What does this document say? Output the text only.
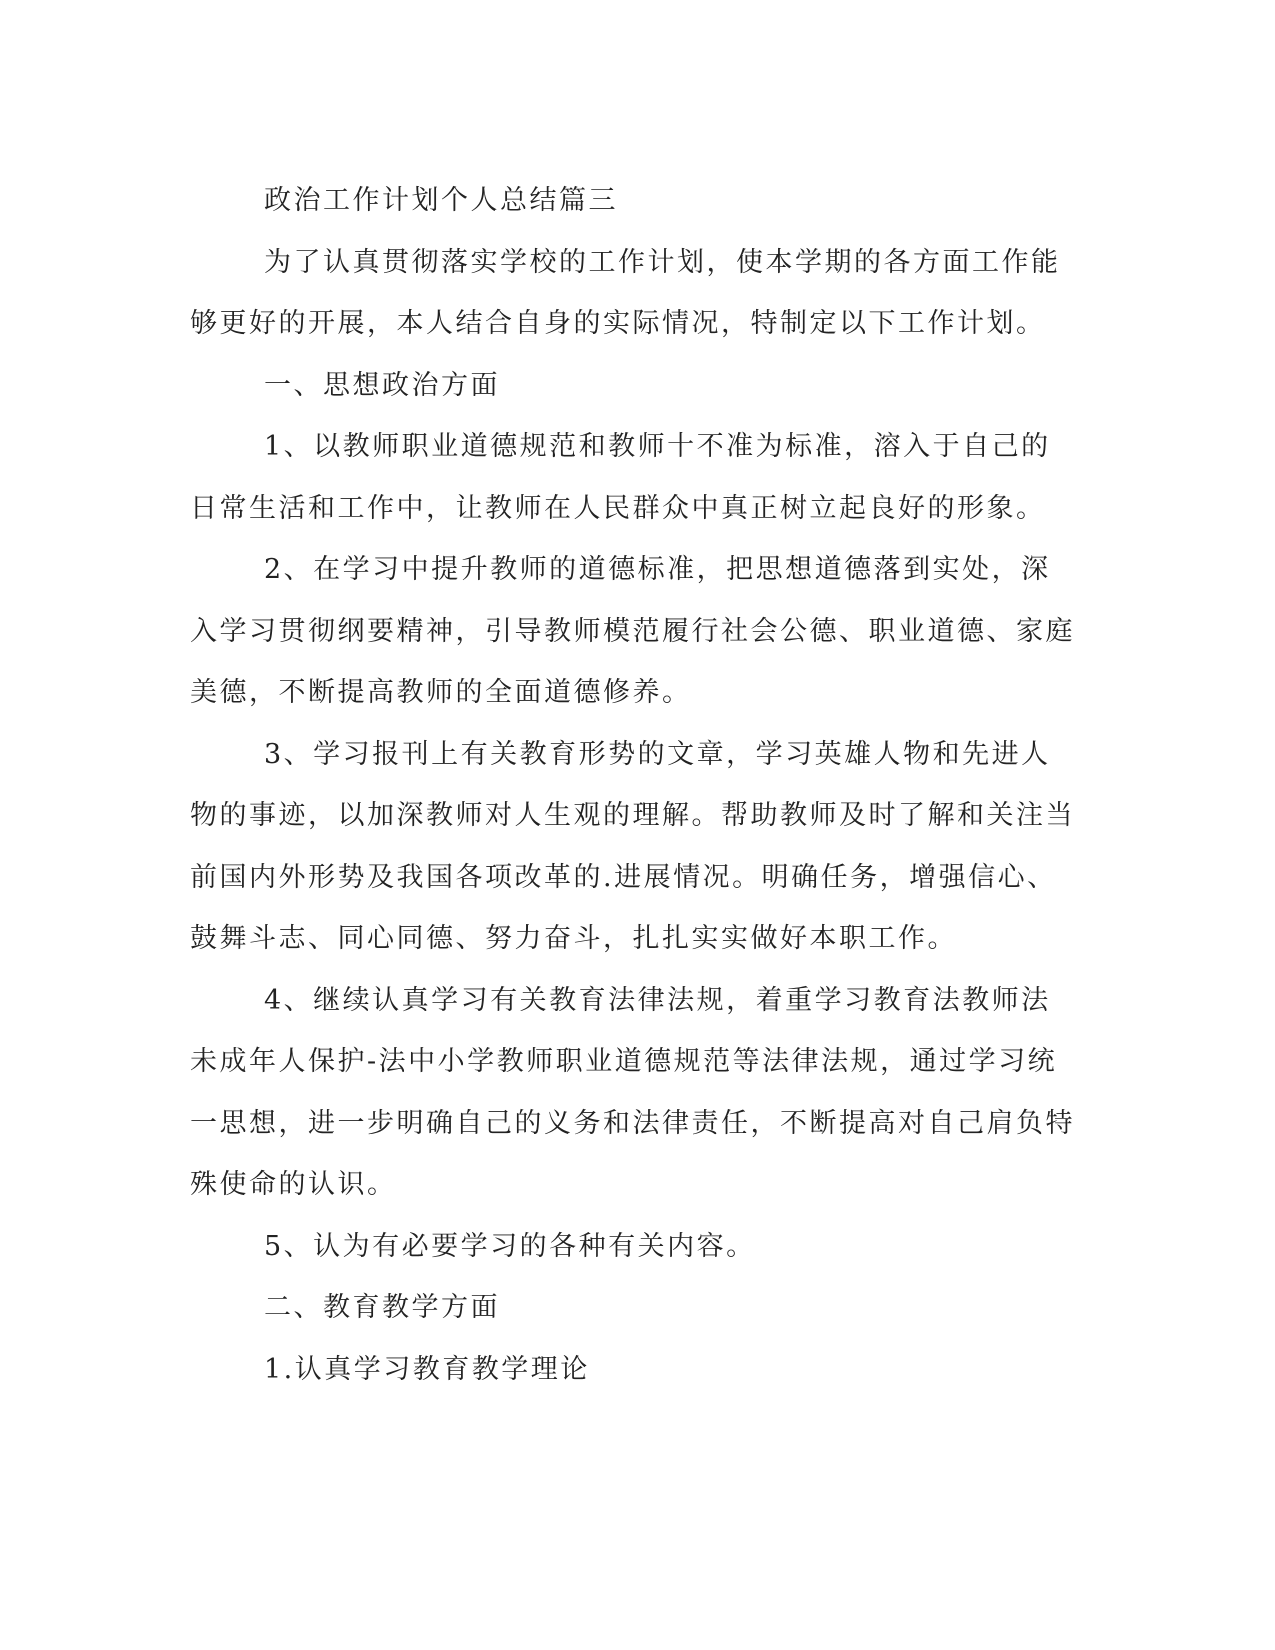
政治工作计划个人总结篇三

为了认真贯彻落实学校的工作计划，使本学期的各方面工作能够更好的开展，本人结合自身的实际情况，特制定以下工作计划。

一、思想政治方面

1、以教师职业道德规范和教师十不准为标准，溶入于自己的日常生活和工作中，让教师在人民群众中真正树立起良好的形象。

2、在学习中提升教师的道德标准，把思想道德落到实处，深入学习贯彻纲要精神，引导教师模范履行社会公德、职业道德、家庭美德，不断提高教师的全面道德修养。

3、学习报刊上有关教育形势的文章，学习英雄人物和先进人物的事迹，以加深教师对人生观的理解。帮助教师及时了解和关注当前国内外形势及我国各项改革的.进展情况。明确任务，增强信心、鼓舞斗志、同心同德、努力奋斗，扎扎实实做好本职工作。

4、继续认真学习有关教育法律法规，着重学习教育法教师法未成年人保护-法中小学教师职业道德规范等法律法规，通过学习统一思想，进一步明确自己的义务和法律责任，不断提高对自己肩负特殊使命的认识。

5、认为有必要学习的各种有关内容。

二、教育教学方面

1.认真学习教育教学理论
